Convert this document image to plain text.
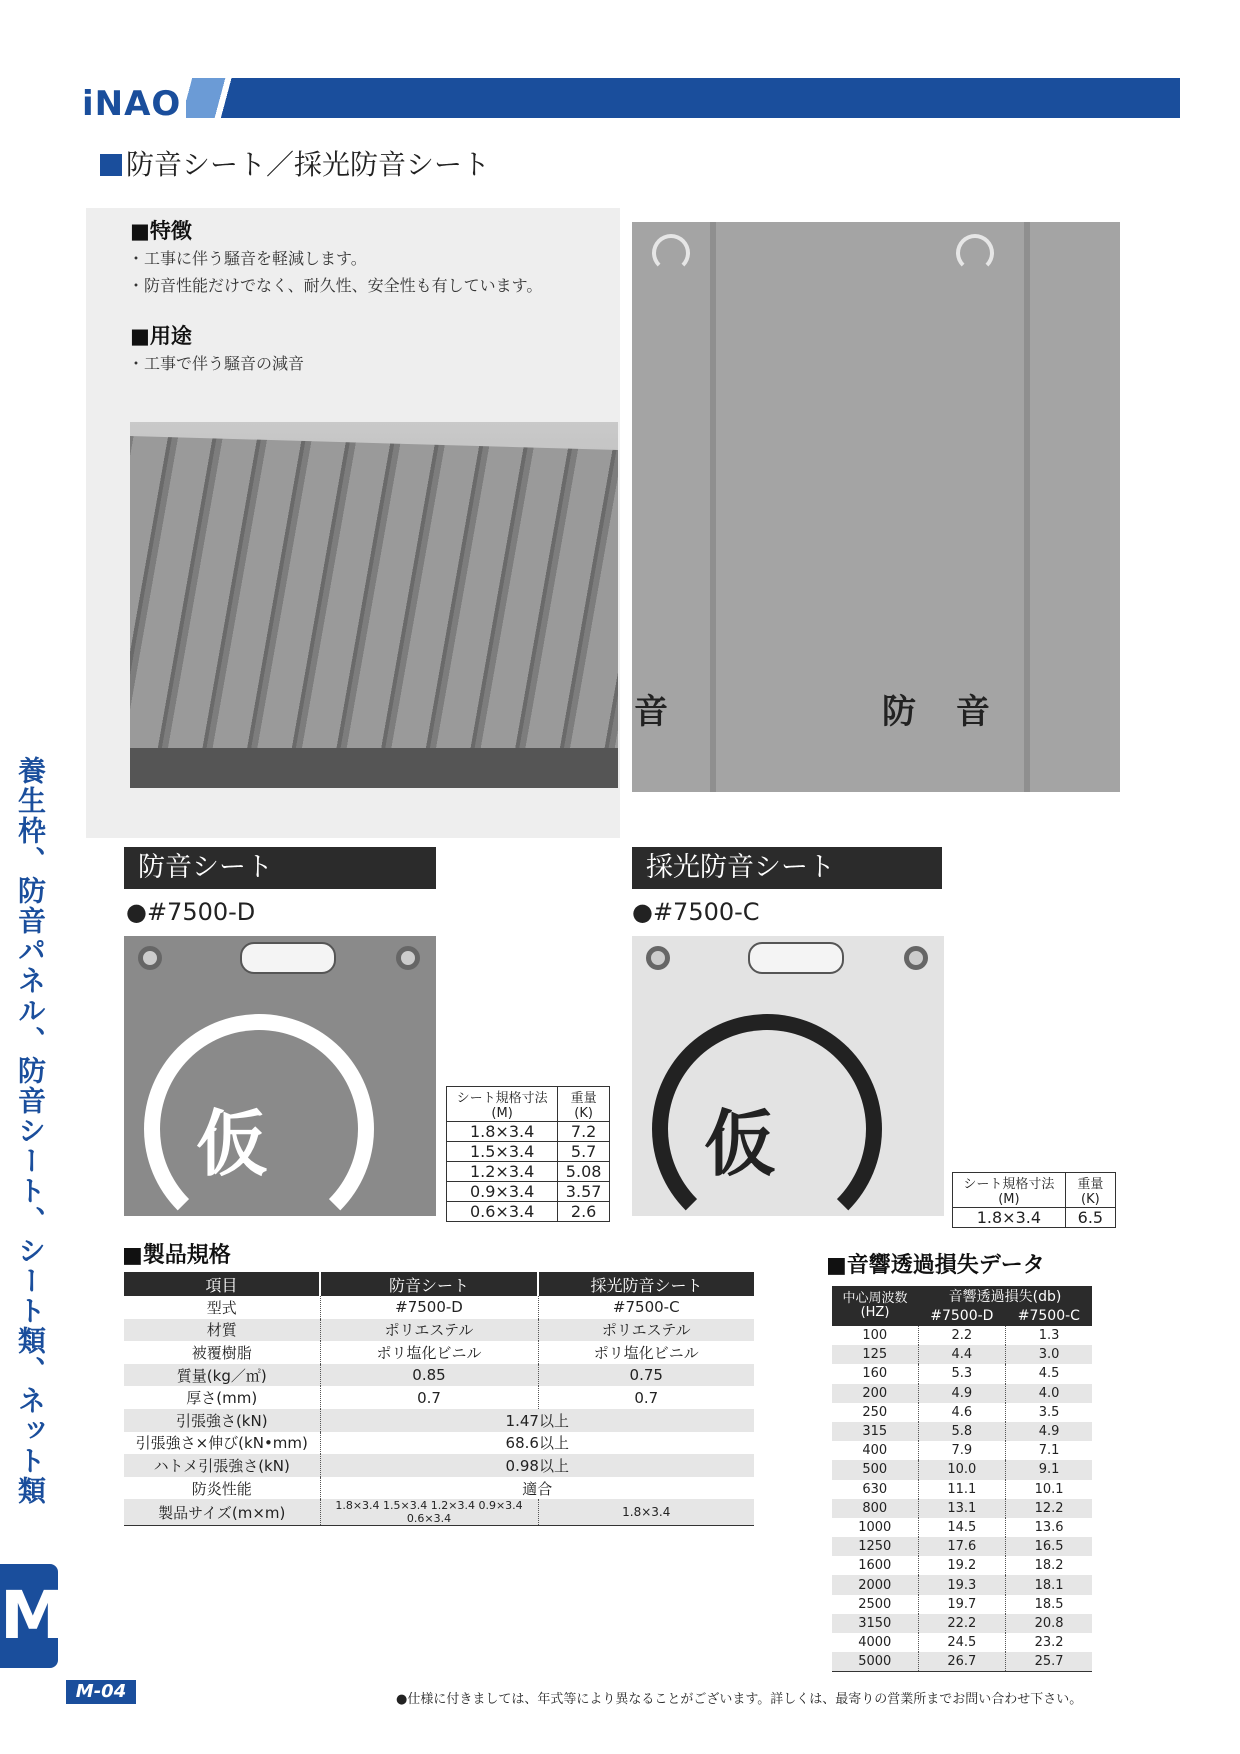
iNAO
防音シート／採光防音シート
■特徴
・工事に伴う騒音を軽減します。
・防音性能だけでなく、耐久性、安全性も有しています。
■用途
・工事で伴う騒音の減音
音	防 音
防音シート
●#7500-D
仮
シート規格寸法(M)	重量(K)
1.8×3.4	7.2
1.5×3.4	5.7
1.2×3.4	5.08
0.9×3.4	3.57
0.6×3.4	2.6
採光防音シート
●#7500-C
仮	シート規格寸法(M)	重量(K)
1.8×3.4	6.5
■製品規格
項目	防音シート	採光防音シート
型式	#7500-D	#7500-C
材質	ポリエステル	ポリエステル
被覆樹脂	ポリ塩化ビニル	ポリ塩化ビニル
質量(kg／㎡)	0.85	0.75
厚さ(mm)	0.7	0.7
引張強さ(kN)	1.47以上	
引張強さ×伸び(kN•mm)	68.6以上	
ハトメ引張強さ(kN)	0.98以上	
防炎性能	適合	
製品サイズ(m×m)	1.8×3.4 1.5×3.4 1.2×3.4 0.9×3.4 0.6×3.4	1.8×3.4
■音響透過損失データ
中心周波数 (HZ)	音響透過損失(db)	
	#7500-D	#7500-C
100	2.2	1.3
125	4.4	3.0
160	5.3	4.5
200	4.9	4.0
250	4.6	3.5
315	5.8	4.9
400	7.9	7.1
500	10.0	9.1
630	11.1	10.1
800	13.1	12.2
1000	14.5	13.6
1250	17.6	16.5
1600	19.2	18.2
2000	19.3	18.1
2500	19.7	18.5
3150	22.2	20.8
4000	24.5	23.2
5000	26.7	25.7
養生枠、防音パネル、防音シート、シート類、ネット類
M
M-04	●仕様に付きましては、年式等により異なることがございます。詳しくは、最寄りの営業所までお問い合わせ下さい。
